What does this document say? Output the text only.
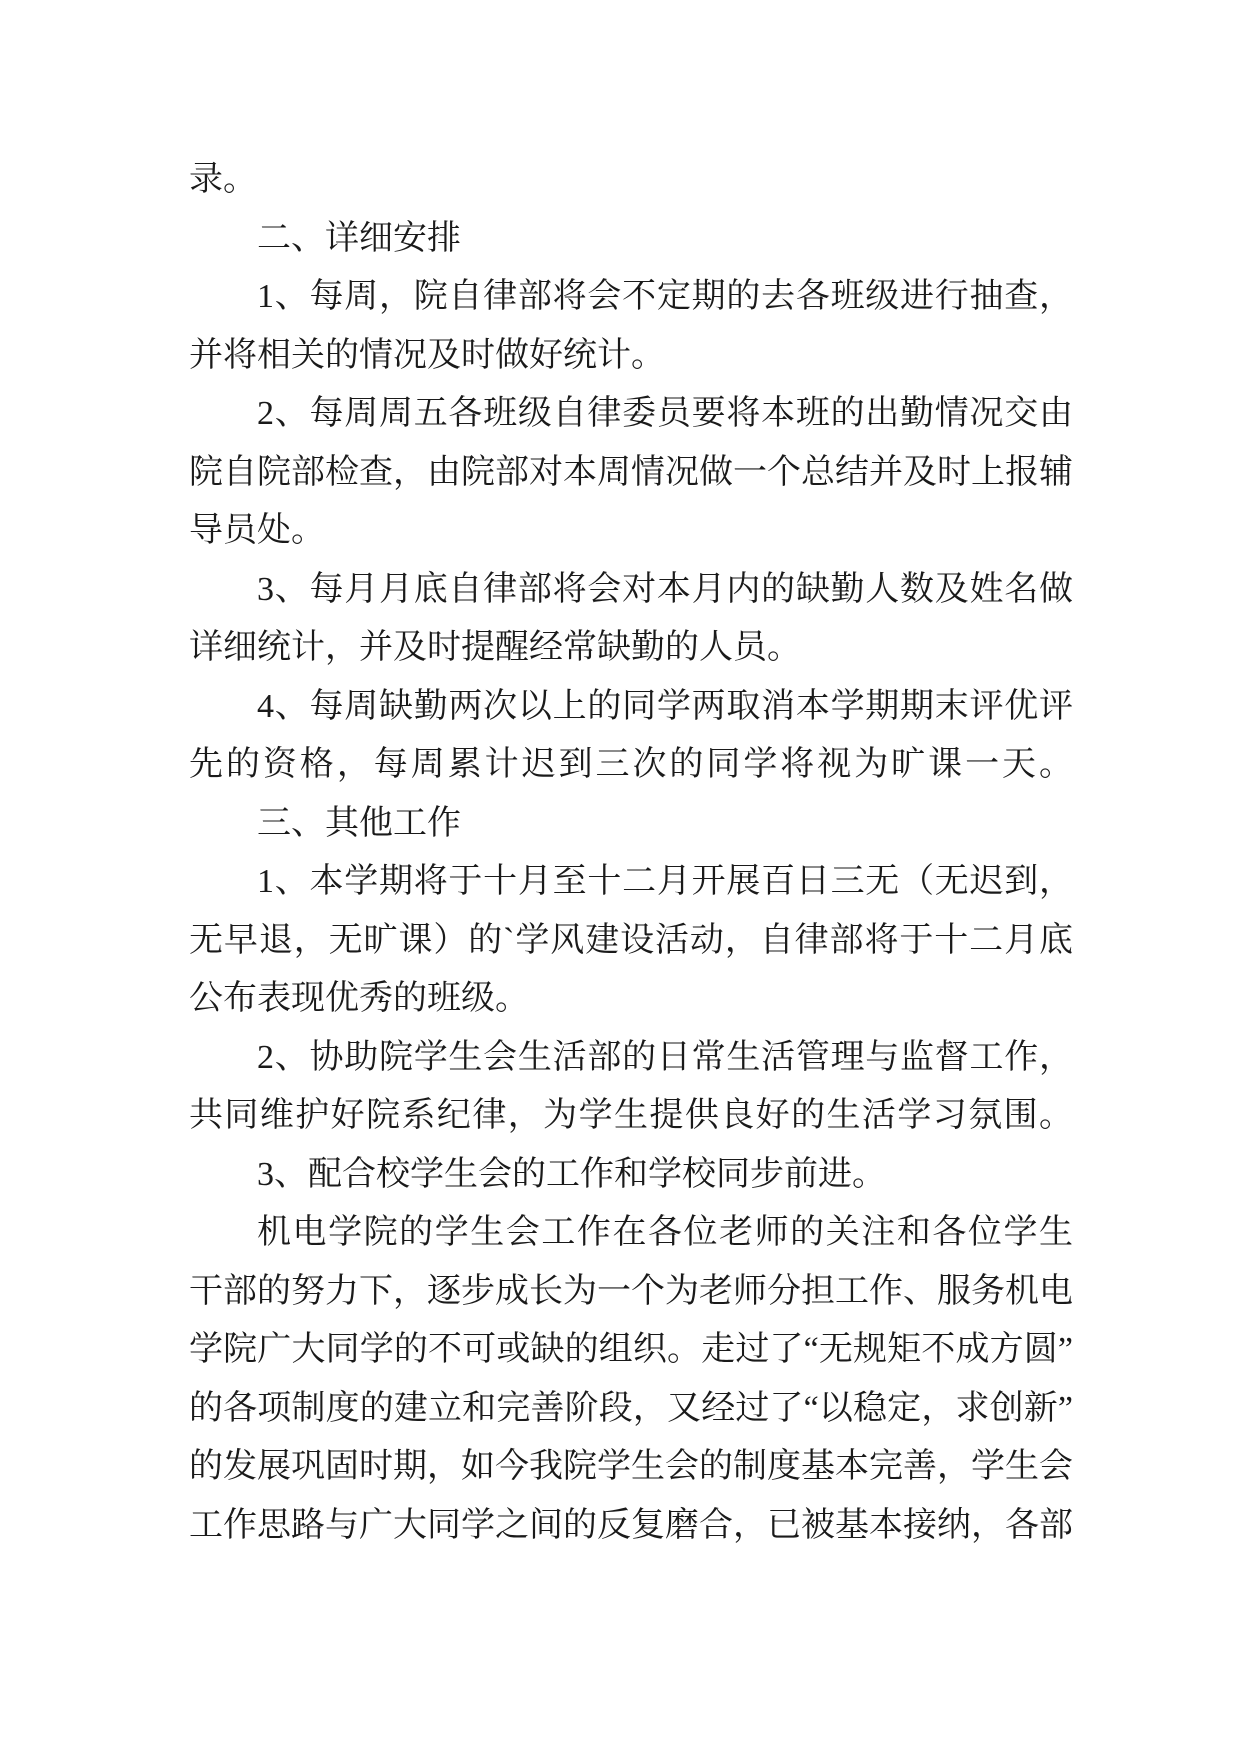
录。

二、详细安排

1、每周，院自律部将会不定期的去各班级进行抽查，

并将相关的情况及时做好统计。

2、每周周五各班级自律委员要将本班的出勤情况交由

院自院部检查，由院部对本周情况做一个总结并及时上报辅

导员处。

3、每月月底自律部将会对本月内的缺勤人数及姓名做

详细统计，并及时提醒经常缺勤的人员。

4、每周缺勤两次以上的同学两取消本学期期末评优评

先的资格，每周累计迟到三次的同学将视为旷课一天。

三、其他工作

1、本学期将于十月至十二月开展百日三无（无迟到，

无早退，无旷课）的`学风建设活动，自律部将于十二月底

公布表现优秀的班级。

2、协助院学生会生活部的日常生活管理与监督工作，

共同维护好院系纪律，为学生提供良好的生活学习氛围。

3、配合校学生会的工作和学校同步前进。

机电学院的学生会工作在各位老师的关注和各位学生

干部的努力下，逐步成长为一个为老师分担工作、服务机电

学院广大同学的不可或缺的组织。走过了“无规矩不成方圆”

的各项制度的建立和完善阶段，又经过了“以稳定，求创新”

的发展巩固时期，如今我院学生会的制度基本完善，学生会

工作思路与广大同学之间的反复磨合，已被基本接纳，各部
